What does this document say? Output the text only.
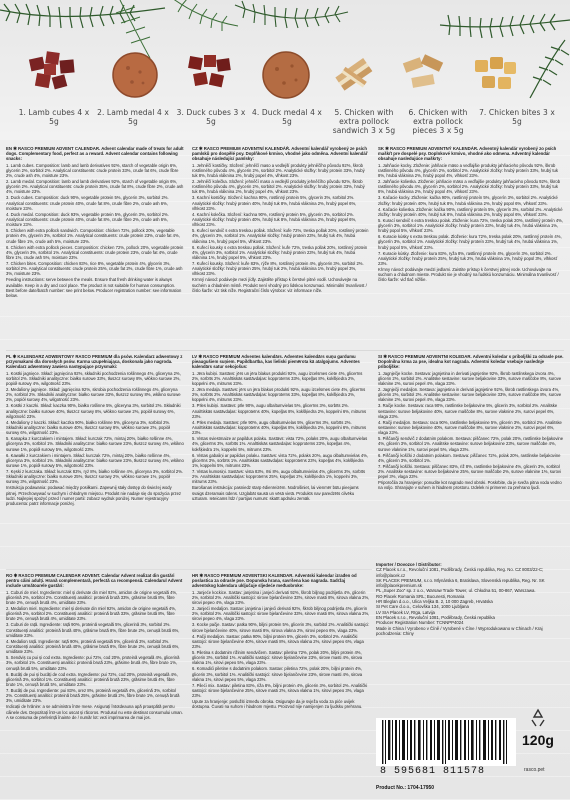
1. Lamb cubes 4 x 5g
2. Lamb medal 4 x 5g
3. Duck cubes 3 x 5g
4. Duck medal 4 x 5g
5. Chicken with extra pollock sandwich 3 x 5g
6. Chicken with extra pollock pieces 3 x 5g
7. Chicken bites 3 x 5g
EN ✱ RASCO PREMIUM ADVENT CALENDAR. Advent calendar made of treats for adult dogs. Complementary food, perfect as a reward. Advent calendar contains following snacks:

1. Lamb cubes. Composition: lamb and lamb derivatives 92%, starch of vegetable origin 6%, glycerin 2%, sorbitol 2%. Analytical constituents: crude protein 33%, crude fat 6%, crude fibre 2%, crude ash 4%, moisture 23%.

2. Lamb medal. Composition: lamb and lamb derivatives 92%, starch of vegetable origin 6%, glycerin 2%. Analytical constituents: crude protein 35%, crude fat 8%, crude fibre 2%, crude ash 4%, moisture 23%.

3. Duck cubes. Composition: duck 90%, vegetable protein 5%, glycerin 3%, sorbitol 2%. Analytical constituents: crude protein 40%, crude fat 8%, crude fibre 2%, crude ash 6%, moisture 23%.

4. Duck medal. Composition: duck 93%, vegetable protein 5%, glycerin 3%, sorbitol 2%. Analytical constituents: crude protein 40%, crude fat 8%, crude fibre 2%, crude ash 6%, moisture 23%.

5. Chicken with extra pollock sandwich. Composition: chicken 72%, pollock 20%, vegetable protein 4%, glycerin 3%, sorbitol 1%. Analytical constituents: crude protein 23%, crude fat 4%, crude fibre 1%, crude ash 5%, moisture 23%.

6. Chicken with extra pollock pieces. Composition: chicken 72%, pollock 20%, vegetable protein 4%, glycerin 3%, sorbitol 1%. Analytical constituents: crude protein 23%, crude fat 4%, crude fibre 1%, crude ash 5%, moisture 23%.

7. Chicken bites. Composition: chicken 83%, rice 8%, vegetable protein 4%, glycerin 3%, sorbitol 2%. Analytical constituents: crude protein 25%, crude fat 2%, crude fibre 1%, crude ash 3%, moisture 23%.

Feeding instructions: serve between the meals. Ensure that fresh drinking water is always available. Keep in a dry and cool place. The product is not suitable for human consumption. Best before date/batch number: see print below. Producer registration number: see information below.

CZ ✱ RASCO PREMIUM ADVENTNÍ KALENDÁŘ. Adventní kalendář vyrobený ze psích pamlsků pro dospělé psy. Doplňkové krmivo, vhodné jako odměna. Adventní kalendář obsahuje následující pamlsky:

1. Jehněčí kostičky. Složení: jehněčí maso a vedlejší produkty jehněčího původu 92%, škrob rostlinného původu 4%, glycerin 2%, sorbitol 2%. Analytické složky: hrubý protein 33%, hrubý tuk 8%, hrubá vláknina 2%, hrubý popel 4%, vlhkost 23%.

2. Jehněčí kolečka. Složení: jehněčí maso a vedlejší produkty jehněčího původu 92%, škrob rostlinného původu 4%, glycerin 2%, sorbitol 2%. Analytické složky: hrubý protein 33%, hrubý tuk 8%, hrubá vláknina 2%, hrubý popel 4%, vlhkost 23%.

3. Kachní kostičky. Složení: kachna 90%, rostlinný protein 5%, glycerin 3%, sorbitol 2%. Analytické složky: hrubý protein 40%, hrubý tuk 8%, hrubá vláknina 2%, hrubý popel 6%, vlhkost 23%.

4. Kachní kolečka. Složení: kachna 90%, rostlinný protein 5%, glycerin 3%, sorbitol 2%. Analytické složky: hrubý protein 40%, hrubý tuk 8%, hrubá vláknina 2%, hrubý popel 6%, vlhkost 23%.

5. Kuřecí sendvič s extra treskou pollak. Složení: kuře 72%, treska pollak 20%, rostlinný protein 4%, glycerin 3%, sorbitol 1%. Analytické složky: hrubý protein 23%, hrubý tuk 4%, hrubá vláknina 1%, hrubý popel 5%, vlhkost 23%.

6. Kuřecí kousky s extra treskou pollak. Složení: kuře 72%, treska pollak 20%, rostlinný protein 4%, glycerin 3%, sorbitol 1%. Analytické složky: hrubý protein 23%, hrubý tuk 4%, hrubá vláknina 1%, hrubý popel 5%, vlhkost 23%.

7. Kuřecí kousky. Složení: kuře 83%, rýže 8%, rostlinný protein 4%, glycerin 3%, sorbitol 2%. Analytické složky: hrubý protein 25%, hrubý tuk 2%, hrubá vláknina 1%, hrubý popel 3%, vlhkost 23%.

Krmný návod: podávejte mezi jídly. Zajistěte přístup k čerstvé pitné vodě. Uchovávejte na suchém a chladném místě. Produkt není vhodný pro lidskou konzumaci. Minimální trvanlivost / číslo šarže: viz tisk níže. Registrační číslo výrobce: viz informace níže.

SK ✱ RASCO PREMIUM ADVENTNÝ KALENDÁR. Adventný kalendár vyrobený zo psích maškŕt pre dospelé psy. Doplnkové krmivo, vhodné ako odmena. Adventný kalendár obsahuje nasledujúce maškrty:

1. Jahňacie kocky. Zloženie: jahňacie mäso a vedľajšie produkty jahňacieho pôvodu 92%, škrob rastlinného pôvodu 4%, glycerín 2%, sorbitol 2%. Analytické zložky: hrubý proteín 33%, hrubý tuk 8%, hrubá vláknina 2%, hrubý popol 4%, vlhkosť 23%.

2. Jahňacie kolieska. Zloženie: jahňacie mäso a vedľajšie produkty jahňacieho pôvodu 92%, škrob rastlinného pôvodu 4%, glycerín 2%, sorbitol 2%. Analytické zložky: hrubý proteín 33%, hrubý tuk 8%, hrubá vláknina 2%, hrubý popol 4%, vlhkosť 23%.

3. Kačacie kocky. Zloženie: kačka 90%, rastlinný proteín 5%, glycerín 3%, sorbitol 2%. Analytické zložky: hrubý proteín 40%, hrubý tuk 8%, hrubá vláknina 2%, hrubý popol 6%, vlhkosť 23%.

4. Kačacie kolieska. Zloženie: kačka 90%, rastlinný proteín 5%, glycerín 3%, sorbitol 2%. Analytické zložky: hrubý proteín 40%, hrubý tuk 8%, hrubá vláknina 2%, hrubý popol 6%, vlhkosť 23%.

5. Kurací sendvič s extra treskou polak. Zloženie: kura 72%, treska polak 20%, rastlinný proteín 4%, glycerín 3%, sorbitol 1%. Analytické zložky: hrubý proteín 23%, hrubý tuk 4%, hrubá vláknina 1%, hrubý popol 5%, vlhkosť 23%.

6. Kuracie kúsky s extra treskou polak. Zloženie: kura 72%, treska polak 20%, rastlinný proteín 4%, glycerín 3%, sorbitol 1%. Analytické zložky: hrubý proteín 23%, hrubý tuk 4%, hrubá vláknina 1%, hrubý popol 5%, vlhkosť 23%.

7. Kuracie kúsky. Zloženie: kura 83%, ryža 8%, rastlinný proteín 4%, glycerín 3%, sorbitol 2%. Analytické zložky: hrubý proteín 25%, hrubý tuk 2%, hrubá vláknina 1%, hrubý popol 3%, vlhkosť 23%.

Kŕmny návod: podávajte medzi jedlami. Zaistite prístup k čerstvej pitnej vode. Uchovávajte na suchom a chladnom mieste. Produkt nie je vhodný na ľudskú konzumáciu. Minimálna trvanlivosť / číslo šarže: viď tlač nižšie.

PL ✱ KALENDARZ ADWENTOWY RASCO PREMIUM dla psów. Kalendarz adwentowy z przysmakami dla dorosłych psów. Karma uzupełniająca, doskonała jako nagroda. Kalendarz adwentowy zawiera następujące przysmaki:

1. Kostki jagnięce. Skład: jagnięcina 92%, składniki pochodzenia roślinnego 4%, gliceryna 2%, sorbitol 2%. Składniki analityczne: białko surowe 33%, tłuszcz surowy 8%, włókno surowe 2%, popiół surowy 4%, wilgotność 23%.

2. Medaliony jagnięce. Skład: jagnięcina 92%, skrobia pochodzenia roślinnego 4%, gliceryna 2%, sorbitol 2%. Składniki analityczne: białko surowe 33%, tłuszcz surowy 8%, włókno surowe 2%, popiół surowy 4%, wilgotność 23%.

3. Kostki z kaczki. Skład: kaczka 90%, białko roślinne 5%, gliceryna 3%, sorbitol 2%. Składniki analityczne: białko surowe 40%, tłuszcz surowy 8%, włókno surowe 2%, popiół surowy 6%, wilgotność 23%.

4. Medaliony z kaczki. Skład: kaczka 90%, białko roślinne 5%, gliceryna 3%, sorbitol 2%. Składniki analityczne: białko surowe 40%, tłuszcz surowy 8%, włókno surowe 2%, popiół surowy 6%, wilgotność 23%.

5. Kanapka z kurczakiem i mintajem. Skład: kurczak 72%, mintaj 20%, białko roślinne 4%, gliceryna 3%, sorbitol 1%. Składniki analityczne: białko surowe 23%, tłuszcz surowy 4%, włókno surowe 1%, popiół surowy 5%, wilgotność 23%.

6. Kawałki z kurczakiem i mintajem. Skład: kurczak 72%, mintaj 20%, białko roślinne 4%, gliceryna 3%, sorbitol 1%. Składniki analityczne: białko surowe 23%, tłuszcz surowy 4%, włókno surowe 1%, popiół surowy 5%, wilgotność 23%.

7. Kęski z kurczaka. Skład: kurczak 83%, ryż 8%, białko roślinne 4%, gliceryna 3%, sorbitol 2%. Składniki analityczne: białko surowe 25%, tłuszcz surowy 2%, włókno surowe 1%, popiół surowy 3%, wilgotność 23%.

Instrukcja podawania: podawać między posiłkami. Zapewnij stały dostęp do świeżej wody pitnej. Przechowywać w suchym i chłodnym miejscu. Produkt nie nadaje się do spożycia przez ludzi. Najlepiej spożyć przed / numer partii: zobacz wydruk poniżej. Numer rejestracyjny producenta: patrz informacje poniżej.

LV ✱ RASCO PREMIUM Adventes kalendārs. Adventes kalendārs suņu gardumu pieaugušiem suņiem. Papildbarība, kas lieliski piemērota kā atalgojums. Adventes kalendārs satur sekojošus:

1. Jēra kubiņi. Sastāvs: jērs un jēra blakus produkti 92%, augu izcelsmes ciete 4%, glicerīns 2%, sorbīts 2%. Analītiskās sastāvdaļas: kopproteīns 33%, kopeļļas 8%, kokšķiedra 2%, koppelni 4%, mitrums 23%.

2. Jēra medaļa. Sastāvs: jērs un jēra blakus produkti 92%, augu izcelsmes ciete 4%, glicerīns 2%, sorbīts 2%. Analītiskās sastāvdaļas: kopproteīns 33%, kopeļļas 8%, kokšķiedra 2%, koppelni 4%, mitrums 23%.

3. Pīles kubiņi. Sastāvs: pīle 90%, augu olbaltumvielas 5%, glicerīns 3%, sorbīts 2%. Analītiskās sastāvdaļas: kopproteīns 40%, kopeļļas 8%, kokšķiedra 2%, koppelni 6%, mitrums 23%.

4. Pīles medaļa. Sastāvs: pīle 90%, augu olbaltumvielas 5%, glicerīns 3%, sorbīts 2%. Analītiskās sastāvdaļas: kopproteīns 40%, kopeļļas 8%, kokšķiedra 2%, koppelni 6%, mitrums 23%.

5. Vistas sviestmaize ar papildus polaku. Sastāvs: vista 72%, polaks 20%, augu olbaltumvielas 4%, glicerīns 3%, sorbīts 1%. Analītiskās sastāvdaļas: kopproteīns 23%, kopeļļas 4%, kokšķiedra 1%, koppelni 5%, mitrums 23%.

6. Vistas gabaliņi ar papildus polaku. Sastāvs: vista 72%, polaks 20%, augu olbaltumvielas 4%, glicerīns 3%, sorbīts 1%. Analītiskās sastāvdaļas: kopproteīns 23%, kopeļļas 4%, kokšķiedra 1%, koppelni 5%, mitrums 23%.

7. Vistas kumosiņi. Sastāvs: vista 83%, rīsi 8%, augu olbaltumvielas 4%, glicerīns 3%, sorbīts 2%. Analītiskās sastāvdaļas: kopproteīns 25%, kopeļļas 2%, kokšķiedra 1%, koppelni 3%, mitrums 23%.

Barošanas instrukcija: pasniedz starp ēdienreizēm. Nodrošiniet, lai vienmēr būtu pieejams svaigs dzeramais ūdens. Uzglabāt sausā un vēsā vietā. Produkts nav paredzēts cilvēku uzturam. Ieteicams līdz / partijas numurs: skatīt apdruku zemāk.

SI ✱ RASCO PREMIUM ADVENTNI KOLEDAR. Adventni koledar s priboljški za odrasle pse. Dopolnilna krma za pse, idealna kot nagrada. Adventni koledar vsebuje naslednje priboljške:

1. Jagnječje kocke. Sestava: jagnjetina in derivati jagnjetine 92%, škrob rastlinskega izvora 4%, glicerin 2%, sorbitol 2%. Analitske sestavine: surove beljakovine 33%, surove maščobe 8%, surove vlaknine 2%, surovi pepel 4%, vlaga 23%.

2. Jagnječji medaljon. Sestava: jagnjetina in derivati jagnjetine 92%, škrob rastlinskega izvora 4%, glicerin 2%, sorbitol 2%. Analitske sestavine: surove beljakovine 33%, surove maščobe 8%, surove vlaknine 2%, surovi pepel 4%, vlaga 23%.

3. Račje kocke. Sestava: raca 90%, rastlinske beljakovine 5%, glicerin 3%, sorbitol 2%. Analitske sestavine: surove beljakovine 40%, surove maščobe 8%, surove vlaknine 2%, surovi pepel 6%, vlaga 23%.

4. Račji medaljon. Sestava: raca 90%, rastlinske beljakovine 5%, glicerin 3%, sorbitol 2%. Analitske sestavine: surove beljakovine 40%, surove maščobe 8%, surove vlaknine 2%, surovi pepel 6%, vlaga 23%.

5. Piščančji sendvič z dodatnim polakom. Sestava: piščanec 72%, polak 20%, rastlinske beljakovine 4%, glicerin 3%, sorbitol 1%. Analitske sestavine: surove beljakovine 23%, surove maščobe 4%, surove vlaknine 1%, surovi pepel 5%, vlaga 23%.

6. Piščančji koščki z dodatnim polakom. Sestava: piščanec 72%, polak 20%, rastlinske beljakovine 4%, glicerin 3%, sorbitol 1%.

7. Piščančji koščki. Sestava: piščanec 83%, riž 8%, rastlinske beljakovine 4%, glicerin 3%, sorbitol 2%. Analitske sestavine: surove beljakovine 25%, surove maščobe 2%, surove vlaknine 1%, surovi pepel 3%, vlaga 23%.

Priporočila za hranjenje: ponudite kot nagrado med obroki. Poskrbite, da je sveža pitna voda vedno na voljo. Shranjujte v suhem in hladnem prostoru. Izdelek ni primeren za prehrano ljudi.

RO ✱ RASCO PREMIUM CALENDAR ADVENT. Calendar Advent realizat din gustări pentru câini adulți. Hrană complementară, perfectă ca recompensă. Calendarul Advent include următoarele gustări:

1. Cuburi de miel. Ingrediente: miel și derivate din miel 92%, amidon de origine vegetală 4%, glicerină 2%, sorbitol 2%. Constituenți analitici: proteină brută 33%, grăsime brută 8%, fibre brute 2%, cenușă brută 4%, umiditate 23%.

2. Medalion miel. Ingrediente: miel și derivate din miel 92%, amidon de origine vegetală 4%, glicerină 2%, sorbitol 2%. Constituenți analitici: proteină brută 33%, grăsime brută 8%, fibre brute 2%, cenușă brută 4%, umiditate 23%.

3. Cuburi de rață. Ingrediente: rață 90%, proteină vegetală 5%, glicerină 3%, sorbitol 2%. Constituenți analitici: proteină brută 40%, grăsime brută 8%, fibre brute 2%, cenușă brută 6%, umiditate 23%.

4. Medalion rață. Ingrediente: rață 90%, proteină vegetală 5%, glicerină 3%, sorbitol 2%. Constituenți analitici: proteină brută 40%, grăsime brută 8%, fibre brute 2%, cenușă brută 6%, umiditate 23%.

5. Sendviș cu pui și cod extra. Ingrediente: pui 72%, cod 20%, proteină vegetală 4%, glicerină 3%, sorbitol 1%. Constituenți analitici: proteină brută 23%, grăsime brută 4%, fibre brute 1%, cenușă brută 5%, umiditate 23%.

6. Bucăți de pui și bucăți de cod extra. Ingrediente: pui 72%, cod 20%, proteină vegetală 4%, glicerină 3%, sorbitol 1%. Constituenți analitici: proteină brută 23%, grăsime brută 4%, fibre brute 1%, cenușă brută 5%, umiditate 23%.

7. Bucăți de pui. Ingrediente: pui 83%, orez 8%, proteină vegetală 4%, glicerină 3%, sorbitol 2%. Constituenți analitici: proteină brută 25%, grăsime brută 2%, fibre brute 1%, cenușă brută 3%, umiditate 23%.

Indicații de hrănire: a se administra între mese. Asigurați întotdeauna apă proaspătă pentru câinele dvs. Depozitați într-un loc uscat și răcoros. Produsul nu este destinat consumului uman. A se consuma de preferință înainte de / număr lot: vezi imprimarea de mai jos.

HR ✱ RASCO PREMIUM ADVENTSKI KALENDAR. Adventski kalendar izrađen od poslastica za odrasle pse. Dopunska hrana, savršena kao nagrada. Sadržaj adventskog kalendara uključuje sljedeće međuobroke:

1. Janjeće kockice. Sastav: janjetina i janjeći derivati 92%, škrob biljnog podrijetla 4%, glicerin 2%, sorbitol 2%. Analitički sastojci: sirove bjelančevine 33%, sirove masti 8%, sirova vlakna 2%, sirovi pepeo 4%, vlaga 23%.

2. Janjeći medaljon. Sastav: janjetina i janjeći derivati 92%, škrob biljnog podrijetla 4%, glicerin 2%, sorbitol 2%. Analitički sastojci: sirove bjelančevine 33%, sirove masti 8%, sirova vlakna 2%, sirovi pepeo 4%, vlaga 23%.

3. Kocke pačje. Sastav: patka 90%, biljni protein 5%, glicerin 3%, sorbitol 2%. Analitički sastojci: sirove bjelančevine 40%, sirove masti 8%, sirova vlakna 2%, sirovi pepeo 6%, vlaga 23%.

4. Pačji medaljon. Sastav: patka 90%, biljni protein 5%, glicerin 3%, sorbitol 2%. Analitički sastojci: sirove bjelančevine 40%, sirove masti 8%, sirova vlakna 2%, sirovi pepeo 6%, vlaga 23%.

5. Piletina s dodatnim rižinim sendvičem. Sastav: piletina 72%, polak 20%, biljni protein 4%, glicerin 3%, sorbitol 1%. Analitički sastojci: sirove bjelančevine 23%, sirove masti 4%, sirova vlakna 1%, sirovi pepeo 5%, vlaga 23%.

6. Komadići piletine s dodatnim polakom. Sastav: piletina 72%, polak 20%, biljni protein 4%, glicerin 3%, sorbitol 1%. Analitički sastojci: sirove bjelančevine 23%, sirove masti 4%, sirova vlakna 1%, sirovi pepeo 5%, vlaga 23%.

7. Pileći mix. Sastav: piletina 83%, riža 8%, biljni protein 4%, glicerin 3%, sorbitol 2%. Analitički sastojci: sirove bjelančevine 25%, sirove masti 2%, sirova vlakna 1%, sirovi pepeo 3%, vlaga 23%.

Upute za hranjenje: poslužiti između obroka. Osigurajte da je svježa voda za piće uvijek dostupna. Čuvati na suhom i hladnom mjestu. Proizvod nije namijenjen za ljudsku prehranu.

Importer / Dovozce / Distributor:
CZ Placek s.r.o., Revoluční 1081, Poděbrady, Česká republika, Reg. No. CZ 8003/22-C; info@placek.cz
SK PLACEK PREMIUM, s.r.o. Mlynárska 6, Bratislava, Slovenská republika, Reg. Nr. SK info@placekpremium.sk
PL „Super Zoo" sp. z o.o., Warsaw Trade Tower, ul. Chłodna 51, 00-867, Warszawa.
RO Placek Romania SRL; Bucuresti, Romania
HR Bleglan d.o.o., Ulica Veljka B. 2, 10 000 Zagreb, Hrvatska
SI Pet Care d.o.o., Celovška 134, 1000 Ljubljana
LV SIA Placek LV, Rīga, Latvija
EN Placek s.r.o., Revoluční 1081, Poděbrady, Česká republika
Producer Registration Number: TCNNPP4024
Made in China / Vyrobeno v Číně / Vyrobené v Číne / Wyprodukowano w Chinach / Kraj pochodzenia: Chiny
8 595681 811578
120g
rasco.pet
Product No.: 1704-17950
